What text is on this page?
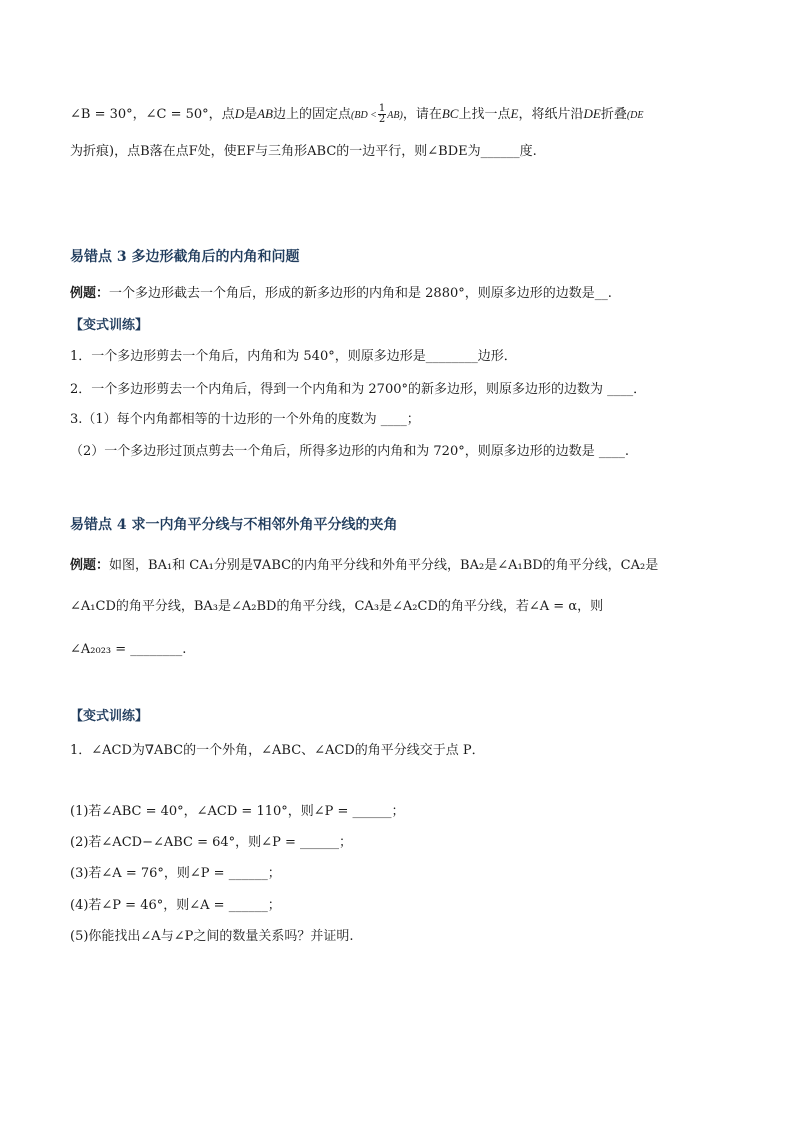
∠B = 30°，∠C = 50°，点D是AB边上的固定点$(BD < \frac{1}{2} AB)$，请在BC上找一点E，将纸片沿DE折叠(DE
为折痕)，点B落在点F处，使EF与三角形ABC的一边平行，则∠BDE为______度.
易错点 3 多边形截角后的内角和问题
例题：一个多边形截去一个角后，形成的新多边形的内角和是 2880°，则原多边形的边数是__.
【变式训练】
1．一个多边形剪去一个角后，内角和为 540°，则原多边形是________边形．
2．一个多边形剪去一个内角后，得到一个内角和为 2700°的新多边形，则原多边形的边数为 ____．
3.（1）每个内角都相等的十边形的一个外角的度数为 ____；
（2）一个多边形过顶点剪去一个角后，所得多边形的内角和为 720°，则原多边形的边数是 ____.
易错点 4 求一内角平分线与不相邻外角平分线的夹角
例题：如图，BA₁和 CA₁分别是∇ABC的内角平分线和外角平分线，BA₂是∠A₁BD的角平分线，CA₂是
∠A₁CD的角平分线，BA₃是∠A₂BD的角平分线，CA₃是∠A₂CD的角平分线，若∠A = α，则
∠A₂₀₂₃ = ________.
【变式训练】
1．∠ACD为∇ABC的一个外角，∠ABC、∠ACD的角平分线交于点 P．
(1)若∠ABC = 40°，∠ACD = 110°，则∠P = ______；
(2)若∠ACD−∠ABC = 64°，则∠P = ______；
(3)若∠A = 76°，则∠P = ______；
(4)若∠P = 46°，则∠A = ______；
(5)你能找出∠A与∠P之间的数量关系吗？并证明.
